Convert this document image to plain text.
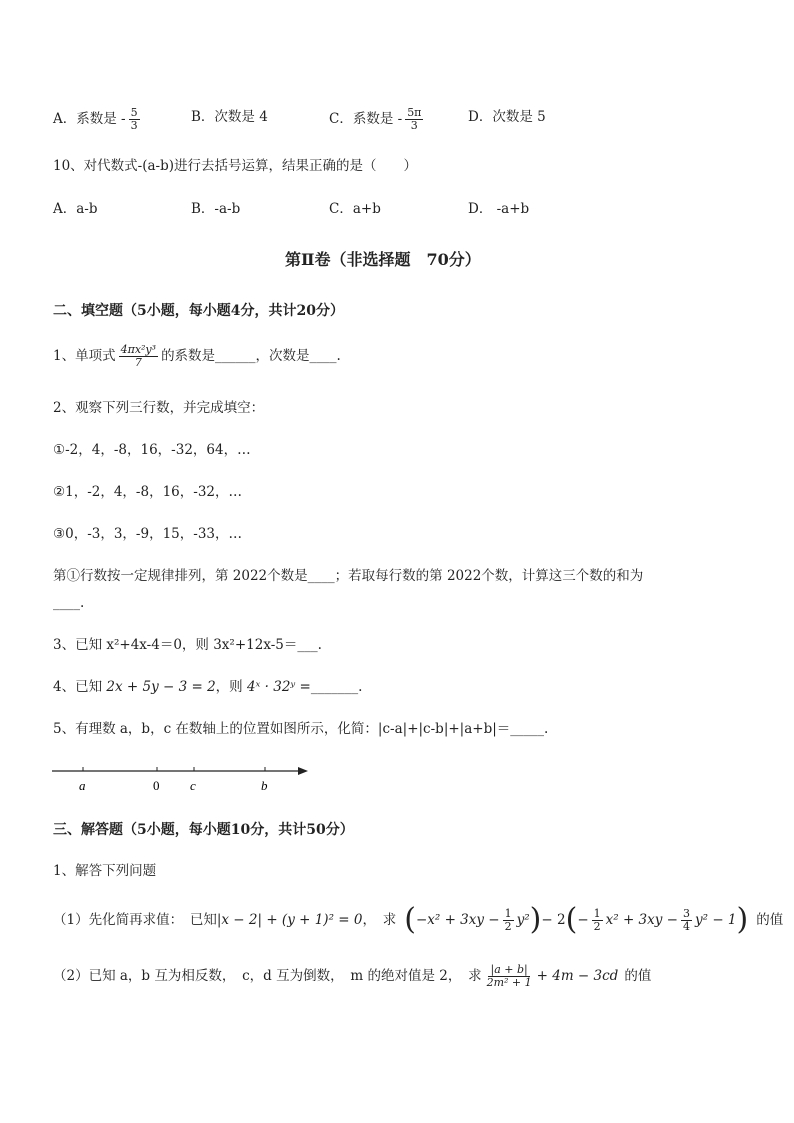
A．系数是 - $\frac{5}{3}$	B．次数是 4	C．系数是 - $\frac{5\pi}{3}$	D．次数是 5
10、对代数式-(a-b)进行去括号运算，结果正确的是（　　）
A．a-b	B．-a-b	C．a+b	D． -a+b
第Ⅱ卷（非选择题　70分）
二、填空题（5小题，每小题4分，共计20分）
1、单项式 $\frac{\text{4πx²y³}}{7}$ 的系数是______，次数是____.
2、观察下列三行数，并完成填空：
①-2，4，-8，16，-32，64，…
②1，-2，4，-8，16，-32，…
③0，-3，3，-9，15，-33，…
第①行数按一定规律排列，第 2022个数是____；若取每行数的第 2022个数，计算这三个数的和为
____.
3、已知 x²+4x-4＝0，则 3x²+12x-5＝___.
4、已知 2x + 5y − 3 = 2，则 4ˣ · 32ʸ =_______.
5、有理数 a，b，c 在数轴上的位置如图所示，化简：|c-a|+|c-b|+|a+b|＝_____.
a	0 c	b
三、解答题（5小题，每小题10分，共计50分）
1、解答下列问题
（1）先化简再求值：　已知 |x − 2| + (y + 1)² = 0 ，　求 ( $-x^2 + 3xy - \frac{1}{2} y^2$ ) − 2 ( − $\frac{1}{2} x^2 + 3xy - \frac{3}{4} y^2 - 1$ ) 的值
（2）已知 a，b 互为相反数，　c，d 互为倒数，　m 的绝对值是 2，　求 $\frac{|a + b|}{\text{2m² + 1}} + 4m - 3cd$ 的值
